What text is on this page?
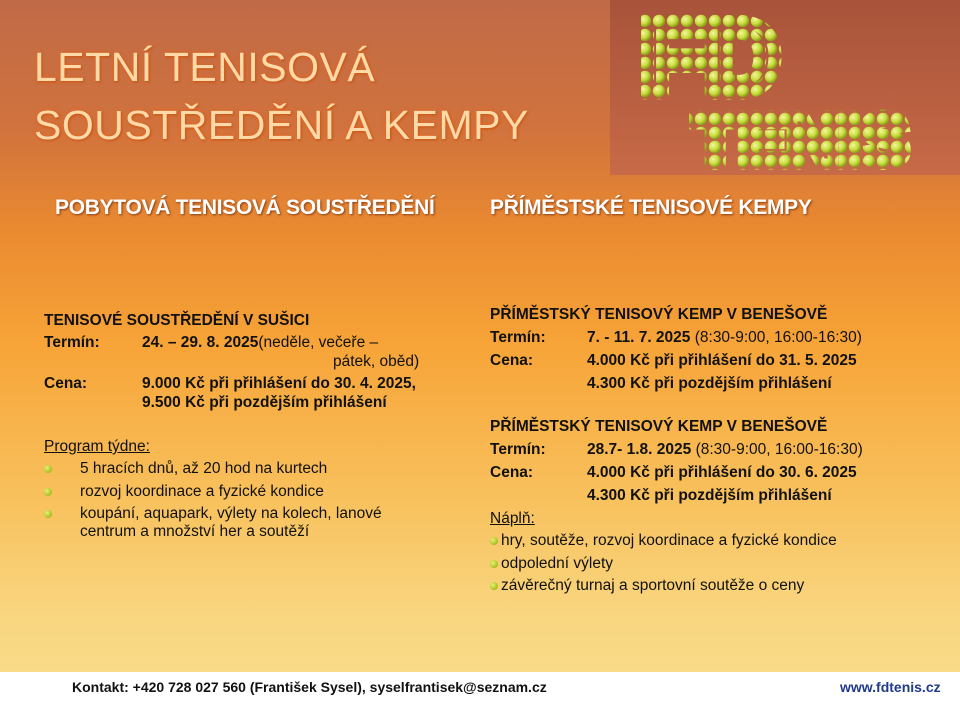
LETNÍ TENISOVÁ
SOUSTŘEDĚNÍ A KEMPY
FD
TENIS
POBYTOVÁ TENISOVÁ SOUSTŘEDĚNÍ	PŘÍMĚSTSKÉ TENISOVÉ KEMPY

TENISOVÉ SOUSTŘEDĚNÍ V SUŠICI

Termín:	24. – 29. 8. 2025(neděle, večeře –

pátek, oběd)

Cena:	9.000 Kč při přihlášení do 30. 4. 2025,

9.500 Kč při pozdějším přihlášení

Program týdne:

5 hracích dnů, až 20 hod na kurtech
rozvoj koordinace a fyzické kondice
koupání, aquapark, výlety na kolech, lanové
centrum a množství her a soutěží

PŘÍMĚSTSKÝ TENISOVÝ KEMP V BENEŠOVĚ

Termín:	7. - 11. 7. 2025 (8:30-9:00, 16:00-16:30)

Cena:	4.000 Kč při přihlášení do 31. 5. 2025

4.300 Kč při pozdějším přihlášení

PŘÍMĚSTSKÝ TENISOVÝ KEMP V BENEŠOVĚ

Termín:	28.7- 1.8. 2025 (8:30-9:00, 16:00-16:30)

Cena:	4.000 Kč při přihlášení do 30. 6. 2025

4.300 Kč při pozdějším přihlášení

Náplň:

hry, soutěže, rozvoj koordinace a fyzické kondice
odpolední výlety
závěrečný turnaj a sportovní soutěže o ceny

Kontakt: +420 728 027 560 (František Sysel), syselfrantisek@seznam.cz	www.fdtenis.cz
